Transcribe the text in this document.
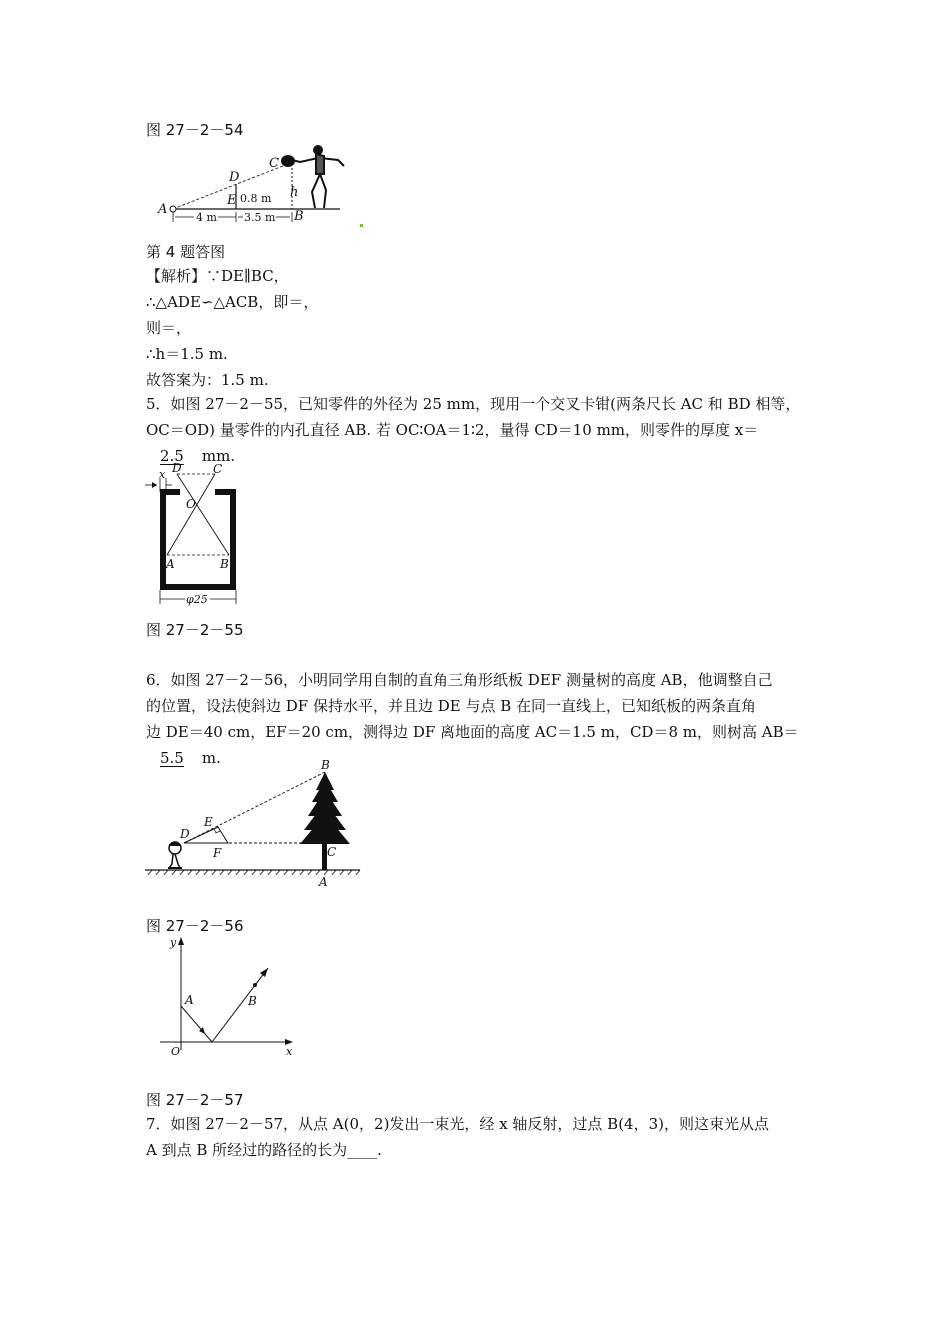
图 27－2－54
C
D
E 0.8 m h
A	B
4 m 3.5 m
第 4 题答图
【解析】∵DE∥BC，
∴△ADE∽△ACB，即＝，
则＝，
∴h＝1.5 m.
故答案为：1.5 m.
5．如图 27－2－55，已知零件的外径为 25 mm，现用一个交叉卡钳(两条尺长 AC 和 BD 相等，
OC＝OD) 量零件的内孔直径 AB. 若 OC∶OA＝1∶2，量得 CD＝10 mm，则零件的厚度 x＝
2.5 mm.
x D	C
O
A	B
φ25
图 27－2－55
6．如图 27－2－56，小明同学用自制的直角三角形纸板 DEF 测量树的高度 AB，他调整自己
的位置，设法使斜边 DF 保持水平，并且边 DE 与点 B 在同一直线上，已知纸板的两条直角
边 DE＝40 cm，EF＝20 cm，测得边 DF 离地面的高度 AC＝1.5 m，CD＝8 m，则树高 AB＝
5.5 m.	B
E
D
F	C
A
图 27－2－56
y
x
O
A	B
图 27－2－57
7．如图 27－2－57，从点 A(0，2)发出一束光，经 x 轴反射，过点 B(4，3)，则这束光从点
A 到点 B 所经过的路径的长为____.
